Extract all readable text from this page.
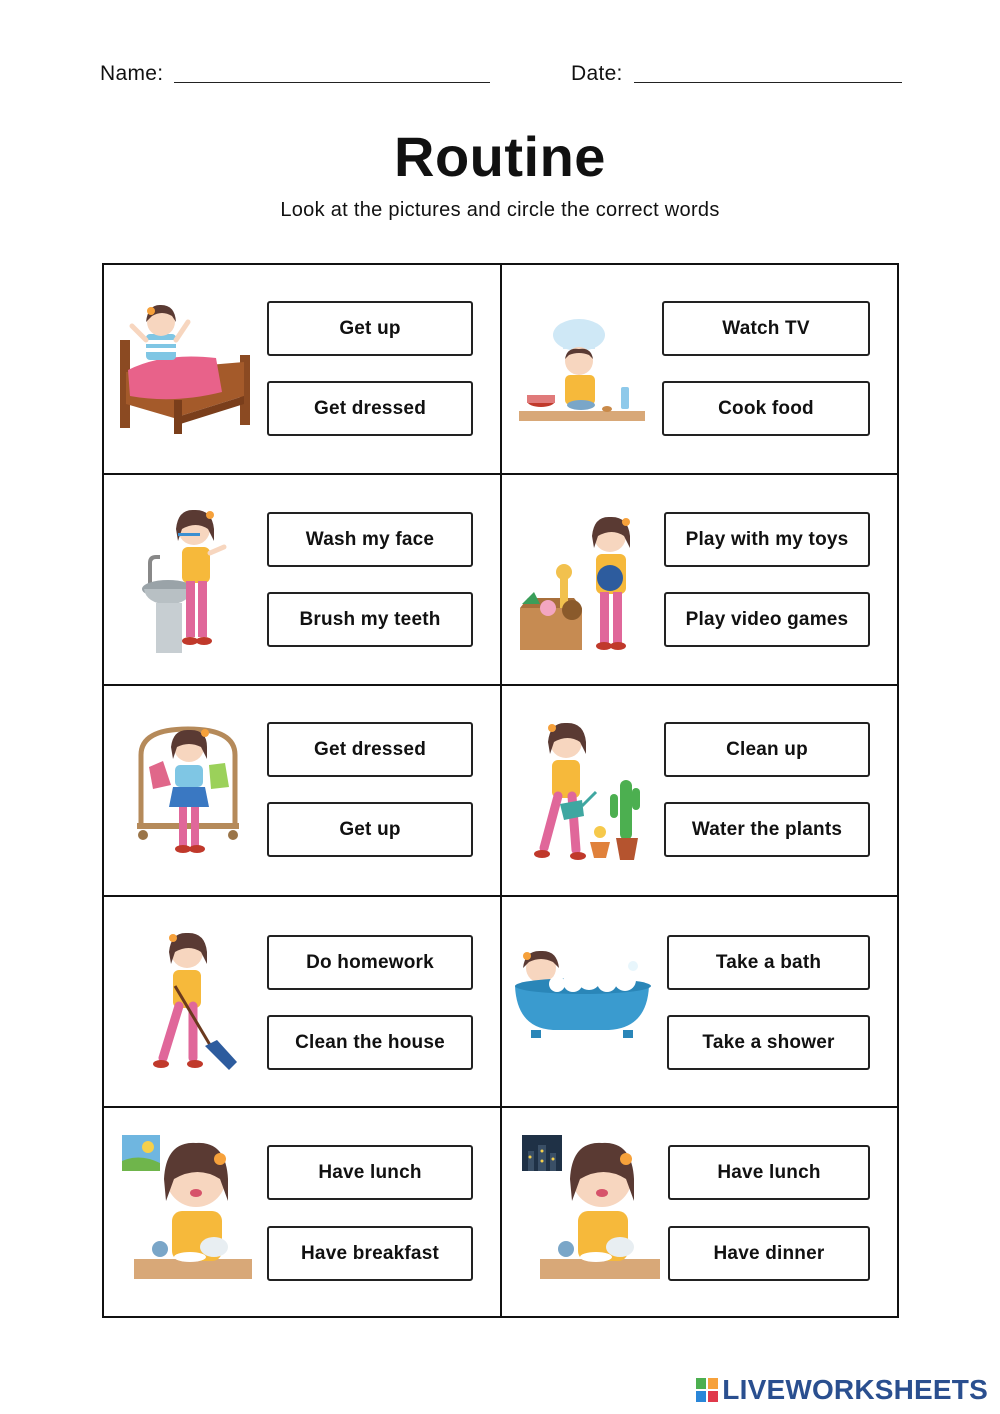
Name:	Date:
Routine
Look at the pictures and circle the correct words
Get up
Get dressed
Watch TV
Cook food
Wash my face
Brush my teeth
Play with my toys
Play video games
Get dressed
Get up
Clean up
Water the plants
Do homework
Clean the house
Take a bath
Take a shower
Have lunch
Have breakfast
Have lunch
Have dinner
LIVEWORKSHEETS
